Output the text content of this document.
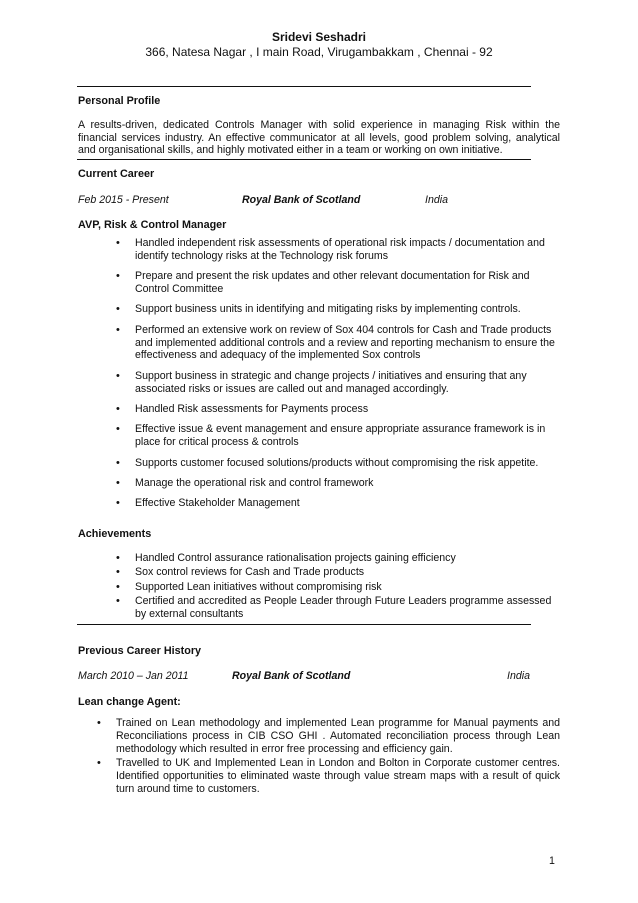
Sridevi Seshadri
366, Natesa Nagar , I main Road, Virugambakkam , Chennai - 92
Personal Profile
A results-driven, dedicated Controls Manager with solid experience in managing Risk within the financial services industry. An effective communicator at all levels, good problem solving, analytical and organisational skills, and highly motivated either in a team or working on own initiative.
Current Career
Feb 2015 - Present	Royal Bank of Scotland	India
AVP, Risk & Control Manager
• Handled independent risk assessments of operational risk impacts / documentation and identify technology risks at the Technology risk forums
• Prepare and present the risk updates and other relevant documentation for Risk and Control Committee
• Support business units in identifying and mitigating risks by implementing controls.
• Performed an extensive work on review of Sox 404 controls for Cash and Trade products and implemented additional controls and a review and reporting mechanism to ensure the effectiveness and adequacy of the implemented Sox controls
• Support business in strategic and change projects / initiatives and ensuring that any associated risks or issues are called out and managed accordingly.
• Handled Risk assessments for Payments process
• Effective issue & event management and ensure appropriate assurance framework is in place for critical process & controls
• Supports customer focused solutions/products without compromising the risk appetite.
• Manage the operational risk and control framework
• Effective Stakeholder Management
Achievements
• Handled Control assurance rationalisation projects gaining efficiency
• Sox control reviews for Cash and Trade products
• Supported Lean initiatives without compromising risk
• Certified and accredited as People Leader through Future Leaders programme assessed by external consultants
Previous Career History
March 2010 – Jan 2011	Royal Bank of Scotland	India
Lean change Agent:
• Trained on Lean methodology and implemented Lean programme for Manual payments and Reconciliations process in CIB CSO GHI . Automated reconciliation process through Lean methodology which resulted in error free processing and efficiency gain.
• Travelled to UK and Implemented Lean in London and Bolton in Corporate customer centres. Identified opportunities to eliminated waste through value stream maps with a result of quick turn around time to customers.
1
